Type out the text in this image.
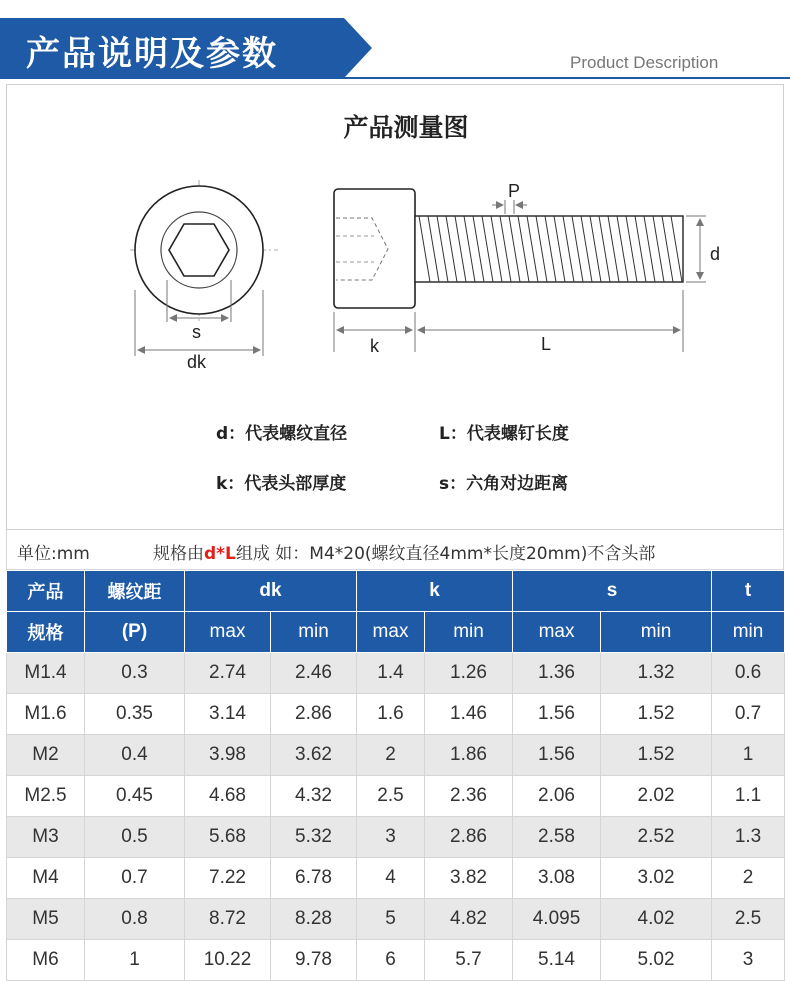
产品说明及参数	Product Description
产品测量图
s
dk
P
d
k	L
d：代表螺纹直径	L：代表螺钉长度
k：代表头部厚度	s：六角对边距离
单位:mm	规格由d*L组成 如：M4*20(螺纹直径4mm*长度20mm)不含头部
产品	螺纹距	dk		k		s		t
规格	(P)	max	min	max	min	max	min	min
M1.4	0.3	2.74	2.46	1.4	1.26	1.36	1.32	0.6
M1.6	0.35	3.14	2.86	1.6	1.46	1.56	1.52	0.7
M2	0.4	3.98	3.62	2	1.86	1.56	1.52	1
M2.5	0.45	4.68	4.32	2.5	2.36	2.06	2.02	1.1
M3	0.5	5.68	5.32	3	2.86	2.58	2.52	1.3
M4	0.7	7.22	6.78	4	3.82	3.08	3.02	2
M5	0.8	8.72	8.28	5	4.82	4.095	4.02	2.5
M6	1	10.22	9.78	6	5.7	5.14	5.02	3
